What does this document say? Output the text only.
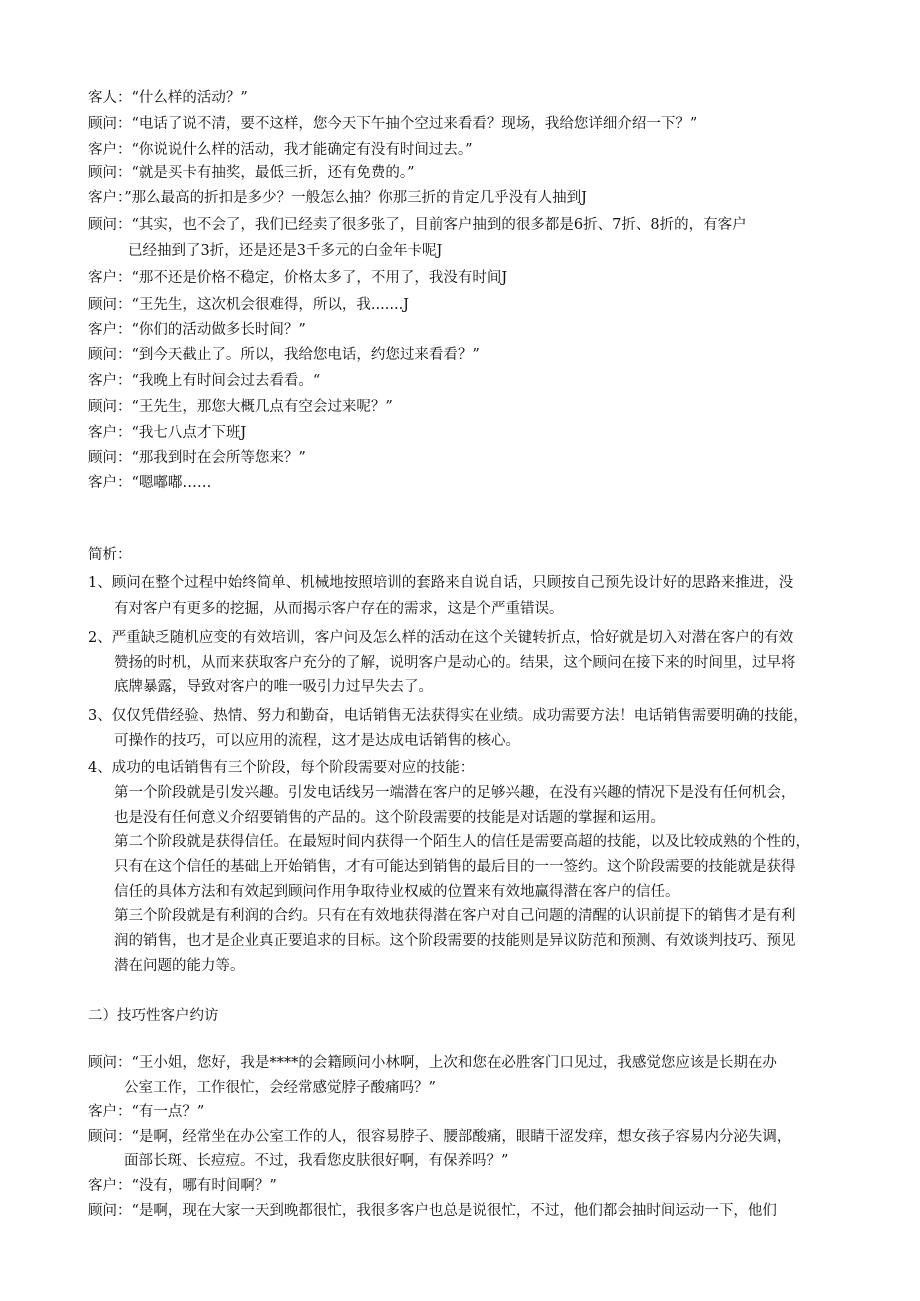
客人：“什么样的活动？”
顾问：“电话了说不清，要不这样，您今天下午抽个空过来看看？现场，我给您详细介绍一下？”
客户：“你说说什么样的活动，我才能确定有没有时间过去。”
顾问：“就是买卡有抽奖，最低三折，还有免费的。”
客户：”那么最高的折扣是多少？一般怎么抽？你那三折的肯定几乎没有人抽到J
顾问：“其实，也不会了，我们已经卖了很多张了，目前客户抽到的很多都是6折、7折、8折的，有客户
已经抽到了3折，还是还是3千多元的白金年卡呢J
客户：“那不还是价格不稳定，价格太多了，不用了，我没有时间J
顾问：“王先生，这次机会很难得，所以，我.......J
客户：“你们的活动做多长时间？”
顾问：“到今天截止了。所以，我给您电话，约您过来看看？”
客户：“我晚上有时间会过去看看。“
顾问：“王先生，那您大概几点有空会过来呢？”
客户：“我七八点才下班J
顾问：“那我到时在会所等您来？”
客户：“嗯嘟嘟……
简析：
1、顾问在整个过程中始终简单、机械地按照培训的套路来自说自话，只顾按自己预先设计好的思路来推进，没
有对客户有更多的挖掘，从而揭示客户存在的需求，这是个严重错误。
2、严重缺乏随机应变的有效培训，客户问及怎么样的活动在这个关键转折点，恰好就是切入对潜在客户的有效
赞扬的时机，从而来获取客户充分的了解，说明客户是动心的。结果，这个顾问在接下来的时间里，过早将
底牌暴露，导致对客户的唯一吸引力过早失去了。
3、仅仅凭借经验、热情、努力和勤奋，电话销售无法获得实在业绩。成功需要方法！电话销售需要明确的技能，
可操作的技巧，可以应用的流程，这才是达成电话销售的核心。
4、成功的电话销售有三个阶段，每个阶段需要对应的技能：
第一个阶段就是引发兴趣。引发电话线另一端潜在客户的足够兴趣，在没有兴趣的情况下是没有任何机会，
也是没有任何意义介绍要销售的产品的。这个阶段需要的技能是对话题的掌握和运用。
第二个阶段就是获得信任。在最短时间内获得一个陌生人的信任是需要高超的技能，以及比较成熟的个性的，
只有在这个信任的基础上开始销售，才有可能达到销售的最后目的一一签约。这个阶段需要的技能就是获得
信任的具体方法和有效起到顾问作用争取待业权威的位置来有效地赢得潜在客户的信任。
第三个阶段就是有利润的合约。只有在有效地获得潜在客户对自己问题的清醒的认识前提下的销售才是有利
润的销售，也才是企业真正要追求的目标。这个阶段需要的技能则是异议防范和预测、有效谈判技巧、预见
潜在问题的能力等。
二）技巧性客户约访
顾问：“王小姐，您好，我是****的会籍顾问小林啊，上次和您在必胜客门口见过，我感觉您应该是长期在办
公室工作，工作很忙，会经常感觉脖子酸痛吗？”
客户：“有一点？”
顾问：“是啊，经常坐在办公室工作的人，很容易脖子、腰部酸痛，眼睛干涩发痒，想女孩子容易内分泌失调，
面部长斑、长痘痘。不过，我看您皮肤很好啊，有保养吗？”
客户：“没有，哪有时间啊？”
顾问：“是啊，现在大家一天到晚都很忙，我很多客户也总是说很忙，不过，他们都会抽时间运动一下，他们
